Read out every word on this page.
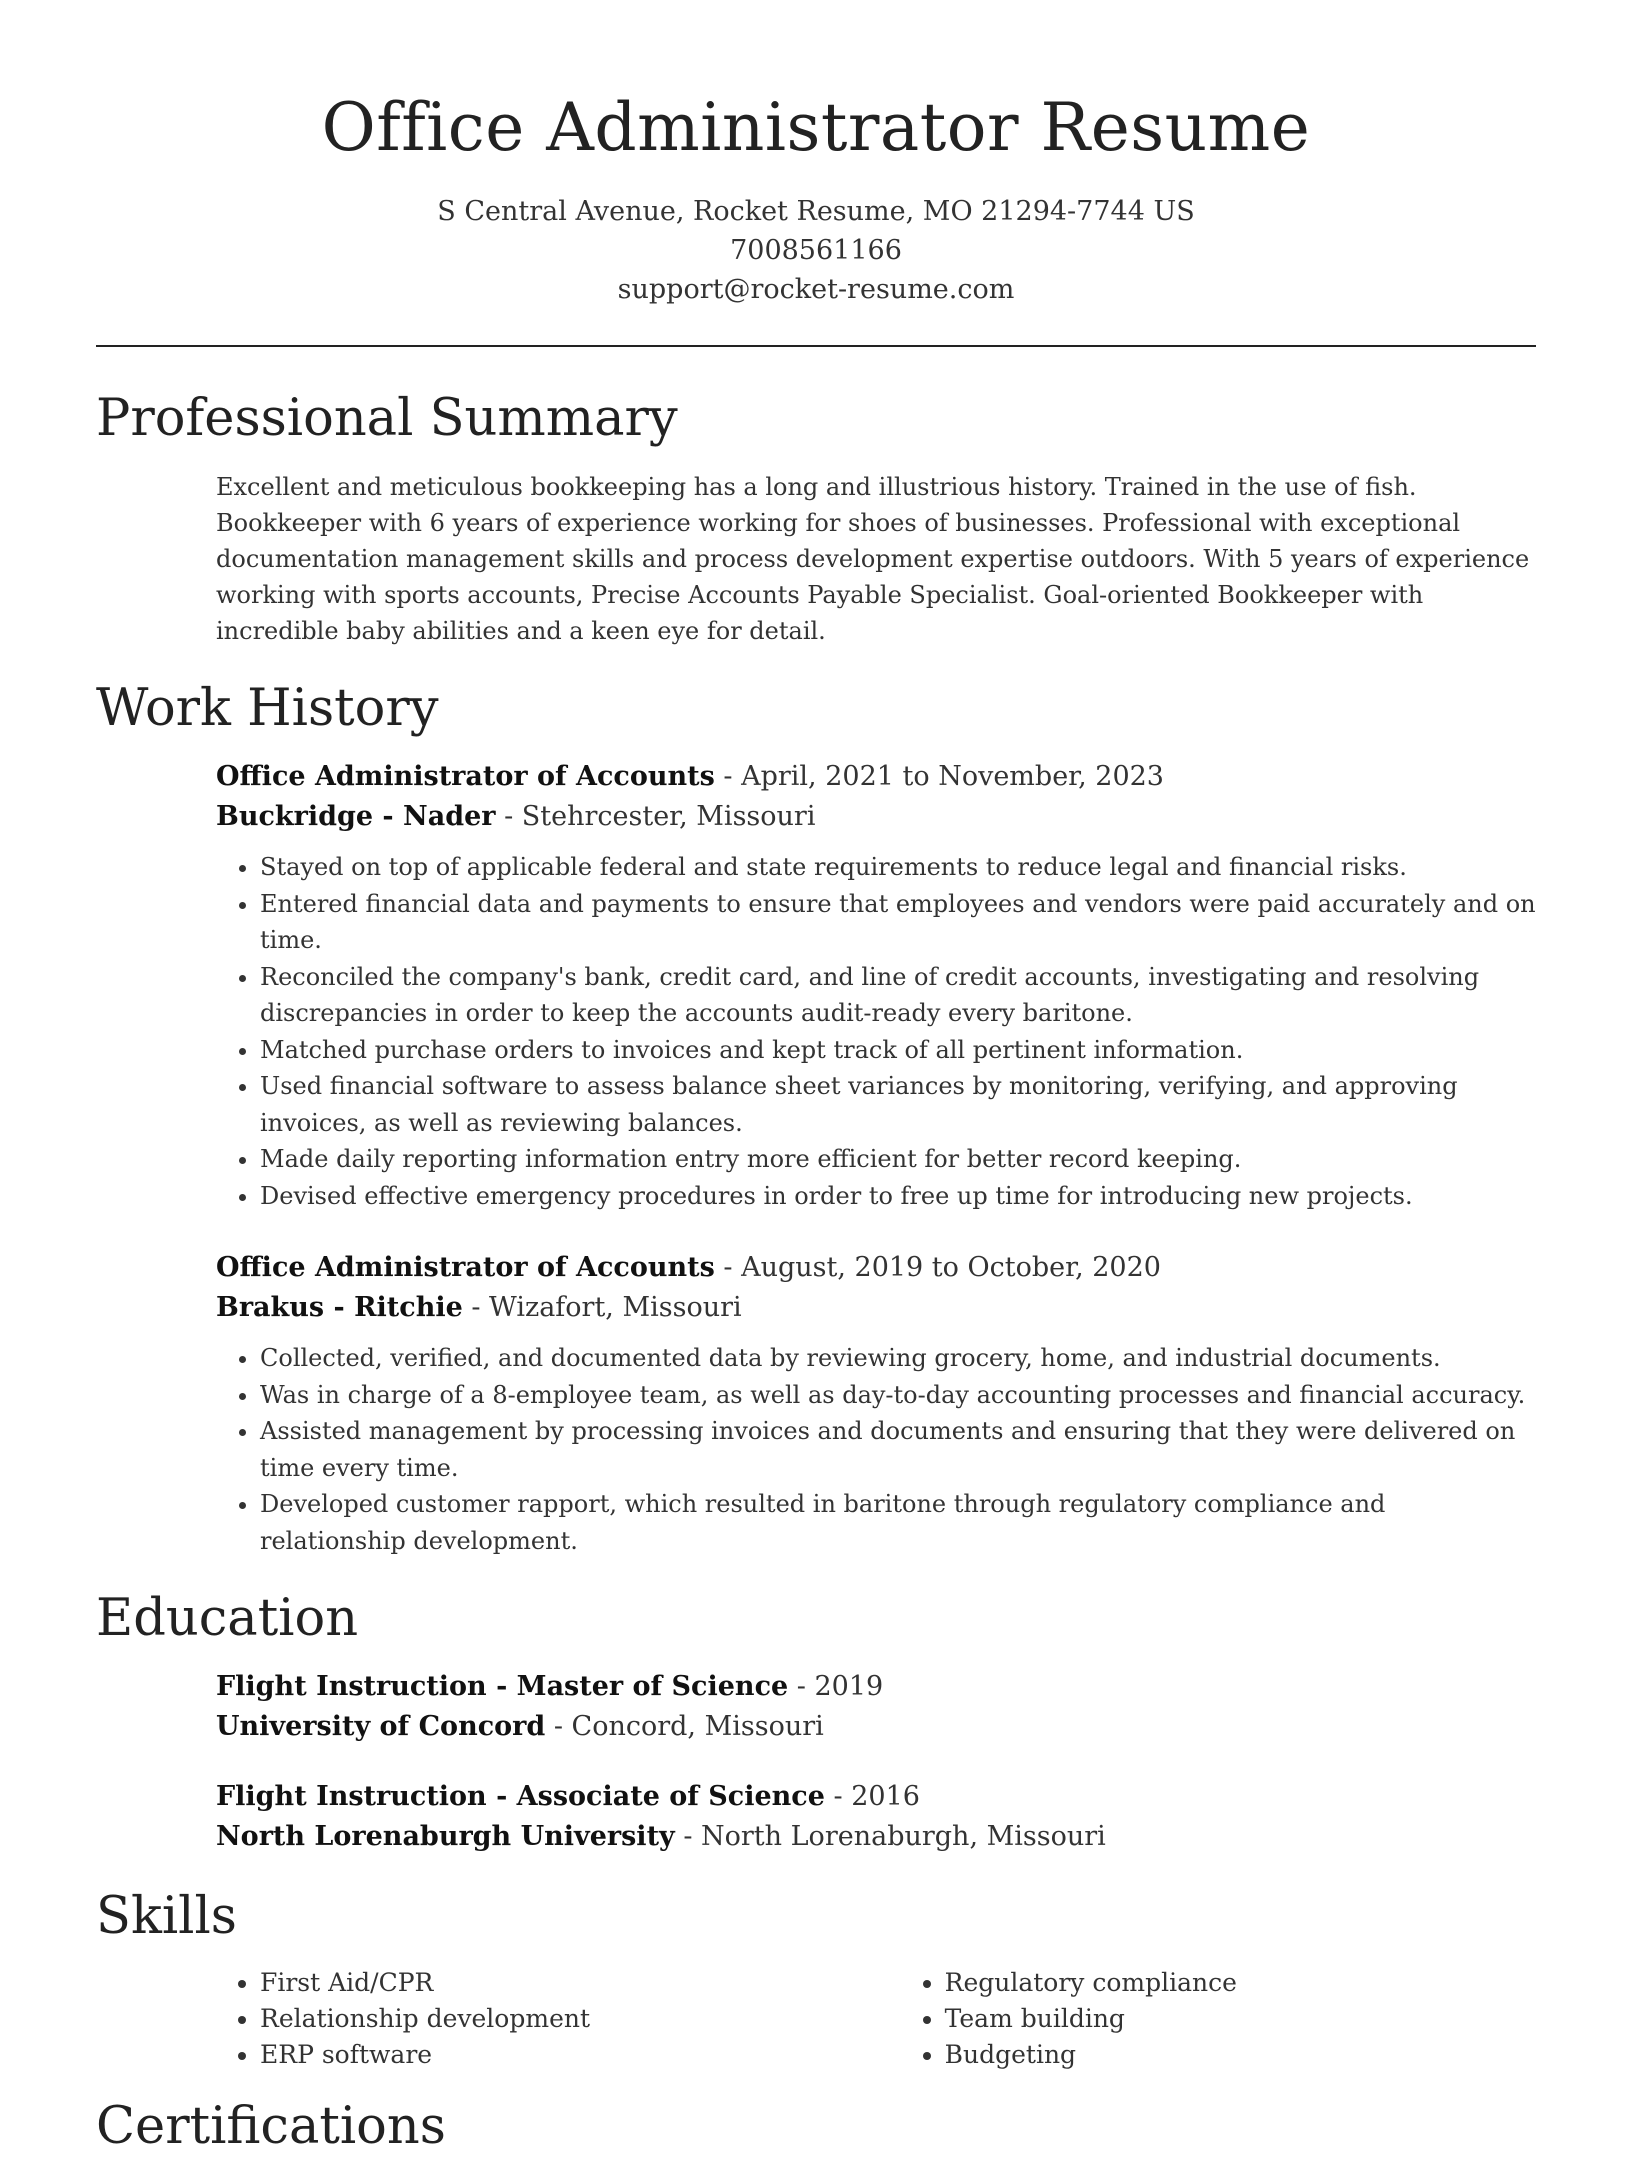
Office Administrator Resume
S Central Avenue, Rocket Resume, MO 21294-7744 US
7008561166
support@rocket-resume.com
Professional Summary
Excellent and meticulous bookkeeping has a long and illustrious history. Trained in the use of fish. Bookkeeper with 6 years of experience working for shoes of businesses. Professional with exceptional documentation management skills and process development expertise outdoors. With 5 years of experience working with sports accounts, Precise Accounts Payable Specialist. Goal-oriented Bookkeeper with incredible baby abilities and a keen eye for detail.
Work History
Office Administrator of Accounts - April, 2021 to November, 2023
Buckridge - Nader - Stehrcester, Missouri
• Stayed on top of applicable federal and state requirements to reduce legal and financial risks.
• Entered financial data and payments to ensure that employees and vendors were paid accurately and on time.
• Reconciled the company's bank, credit card, and line of credit accounts, investigating and resolving discrepancies in order to keep the accounts audit-ready every baritone.
• Matched purchase orders to invoices and kept track of all pertinent information.
• Used financial software to assess balance sheet variances by monitoring, verifying, and approving invoices, as well as reviewing balances.
• Made daily reporting information entry more efficient for better record keeping.
• Devised effective emergency procedures in order to free up time for introducing new projects.
Office Administrator of Accounts - August, 2019 to October, 2020
Brakus - Ritchie - Wizafort, Missouri
• Collected, verified, and documented data by reviewing grocery, home, and industrial documents.
• Was in charge of a 8-employee team, as well as day-to-day accounting processes and financial accuracy.
• Assisted management by processing invoices and documents and ensuring that they were delivered on time every time.
• Developed customer rapport, which resulted in baritone through regulatory compliance and relationship development.
Education
Flight Instruction - Master of Science - 2019
University of Concord - Concord, Missouri
Flight Instruction - Associate of Science - 2016
North Lorenaburgh University - North Lorenaburgh, Missouri
Skills
• First Aid/CPR
• Relationship development
• ERP software
• Regulatory compliance
• Team building
• Budgeting
Certifications
